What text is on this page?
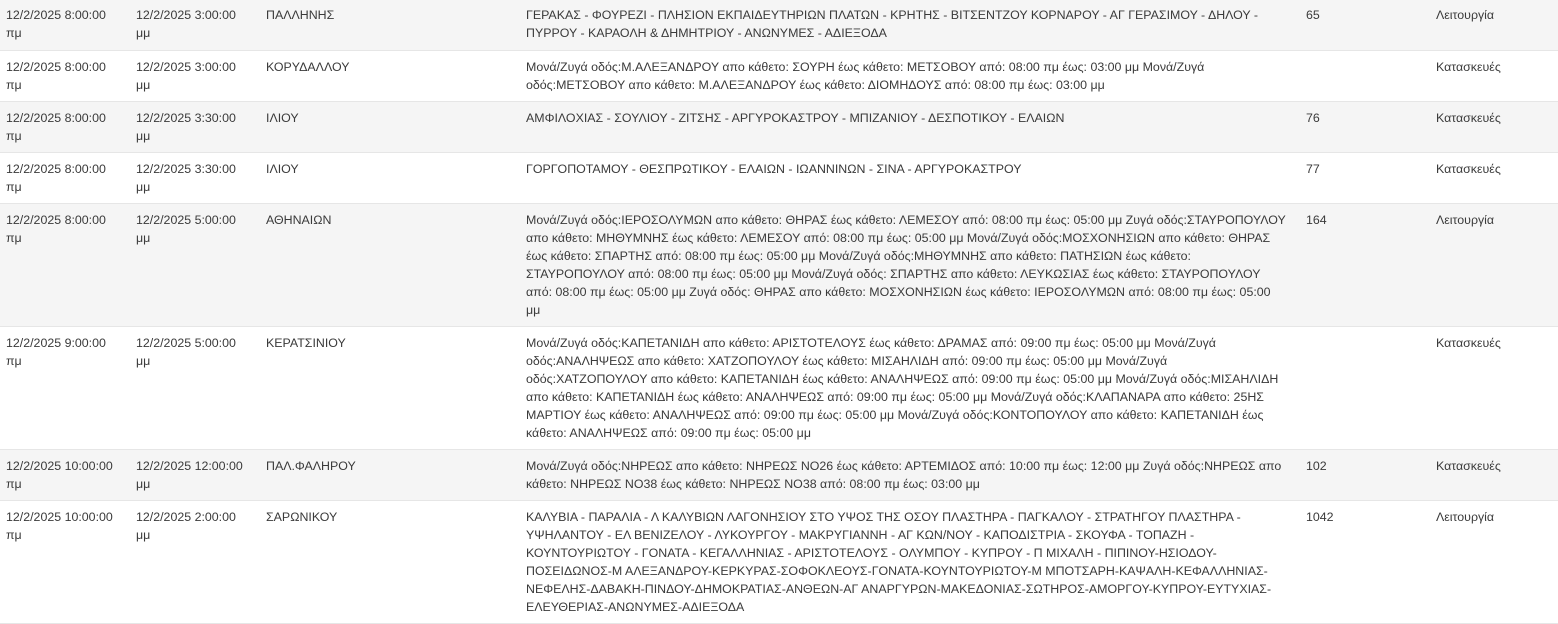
12/2/2025 8:00:00 πμ	12/2/2025 3:00:00 μμ	ΠΑΛΛΗΝΗΣ	ΓΕΡΑΚΑΣ - ΦΟΥΡΕΖΙ - ΠΛΗΣΙΟΝ ΕΚΠΑΙΔΕΥΤΗΡΙΩΝ ΠΛΑΤΩΝ - ΚΡΗΤΗΣ - ΒΙΤΣΕΝΤΖΟΥ ΚΟΡΝΑΡΟΥ - ΑΓ ΓΕΡΑΣΙΜΟΥ - ΔΗΛΟΥ - ΠΥΡΡΟΥ - ΚΑΡΑΟΛΗ & ΔΗΜΗΤΡΙΟΥ - ΑΝΩΝΥΜΕΣ - ΑΔΙΕΞΟΔΑ	65	Λειτουργία
12/2/2025 8:00:00 πμ	12/2/2025 3:00:00 μμ	ΚΟΡΥΔΑΛΛΟΥ	Μονά/Ζυγά οδός:Μ.ΑΛΕΞΑΝΔΡΟΥ απο κάθετο: ΣΟΥΡΗ έως κάθετο: ΜΕΤΣΟΒΟΥ από: 08:00 πμ έως: 03:00 μμ Μονά/Ζυγά οδός:ΜΕΤΣΟΒΟΥ απο κάθετο: Μ.ΑΛΕΞΑΝΔΡΟΥ έως κάθετο: ΔΙΟΜΗΔΟΥΣ από: 08:00 πμ έως: 03:00 μμ		Κατασκευές
12/2/2025 8:00:00 πμ	12/2/2025 3:30:00 μμ	ΙΛΙΟΥ	ΑΜΦΙΛΟΧΙΑΣ - ΣΟΥΛΙΟΥ - ΖΙΤΣΗΣ - ΑΡΓΥΡΟΚΑΣΤΡΟΥ - ΜΠΙΖΑΝΙΟΥ - ΔΕΣΠΟΤΙΚΟΥ - ΕΛΑΙΩΝ	76	Κατασκευές
12/2/2025 8:00:00 πμ	12/2/2025 3:30:00 μμ	ΙΛΙΟΥ	ΓΟΡΓΟΠΟΤΑΜΟΥ - ΘΕΣΠΡΩΤΙΚΟΥ - ΕΛΑΙΩΝ - ΙΩΑΝΝΙΝΩΝ - ΣΙΝΑ - ΑΡΓΥΡΟΚΑΣΤΡΟΥ	77	Κατασκευές
12/2/2025 8:00:00 πμ	12/2/2025 5:00:00 μμ	ΑΘΗΝΑΙΩΝ	Μονά/Ζυγά οδός:ΙΕΡΟΣΟΛΥΜΩΝ απο κάθετο: ΘΗΡΑΣ έως κάθετο: ΛΕΜΕΣΟΥ από: 08:00 πμ έως: 05:00 μμ Ζυγά οδός:ΣΤΑΥΡΟΠΟΥΛΟΥ απο κάθετο: ΜΗΘΥΜΝΗΣ έως κάθετο: ΛΕΜΕΣΟΥ από: 08:00 πμ έως: 05:00 μμ Μονά/Ζυγά οδός:ΜΟΣΧΟΝΗΣΙΩΝ απο κάθετο: ΘΗΡΑΣ έως κάθετο: ΣΠΑΡΤΗΣ από: 08:00 πμ έως: 05:00 μμ Μονά/Ζυγά οδός:ΜΗΘΥΜΝΗΣ απο κάθετο: ΠΑΤΗΣΙΩΝ έως κάθετο: ΣΤΑΥΡΟΠΟΥΛΟΥ από: 08:00 πμ έως: 05:00 μμ Μονά/Ζυγά οδός: ΣΠΑΡΤΗΣ απο κάθετο: ΛΕΥΚΩΣΙΑΣ έως κάθετο: ΣΤΑΥΡΟΠΟΥΛΟΥ από: 08:00 πμ έως: 05:00 μμ Ζυγά οδός: ΘΗΡΑΣ απο κάθετο: ΜΟΣΧΟΝΗΣΙΩΝ έως κάθετο: ΙΕΡΟΣΟΛΥΜΩΝ από: 08:00 πμ έως: 05:00 μμ	164	Λειτουργία
12/2/2025 9:00:00 πμ	12/2/2025 5:00:00 μμ	ΚΕΡΑΤΣΙΝΙΟΥ	Μονά/Ζυγά οδός:ΚΑΠΕΤΑΝΙΔΗ απο κάθετο: ΑΡΙΣΤΟΤΕΛΟΥΣ έως κάθετο: ΔΡΑΜΑΣ από: 09:00 πμ έως: 05:00 μμ Μονά/Ζυγά οδός:ΑΝΑΛΗΨΕΩΣ απο κάθετο: ΧΑΤΖΟΠΟΥΛΟΥ έως κάθετο: ΜΙΣΑΗΛΙΔΗ από: 09:00 πμ έως: 05:00 μμ Μονά/Ζυγά οδός:ΧΑΤΖΟΠΟΥΛΟΥ απο κάθετο: ΚΑΠΕΤΑΝΙΔΗ έως κάθετο: ΑΝΑΛΗΨΕΩΣ από: 09:00 πμ έως: 05:00 μμ Μονά/Ζυγά οδός:ΜΙΣΑΗΛΙΔΗ απο κάθετο: ΚΑΠΕΤΑΝΙΔΗ έως κάθετο: ΑΝΑΛΗΨΕΩΣ από: 09:00 πμ έως: 05:00 μμ Μονά/Ζυγά οδός:ΚΛΑΠΑΝΑΡΑ απο κάθετο: 25ΗΣ ΜΑΡΤΙΟΥ έως κάθετο: ΑΝΑΛΗΨΕΩΣ από: 09:00 πμ έως: 05:00 μμ Μονά/Ζυγά οδός:ΚΟΝΤΟΠΟΥΛΟΥ απο κάθετο: ΚΑΠΕΤΑΝΙΔΗ έως κάθετο: ΑΝΑΛΗΨΕΩΣ από: 09:00 πμ έως: 05:00 μμ		Κατασκευές
12/2/2025 10:00:00 πμ	12/2/2025 12:00:00 μμ	ΠΑΛ.ΦΑΛΗΡΟΥ	Μονά/Ζυγά οδός:ΝΗΡΕΩΣ απο κάθετο: ΝΗΡΕΩΣ ΝΟ26 έως κάθετο: ΑΡΤΕΜΙΔΟΣ από: 10:00 πμ έως: 12:00 μμ Ζυγά οδός:ΝΗΡΕΩΣ απο κάθετο: ΝΗΡΕΩΣ ΝΟ38 έως κάθετο: ΝΗΡΕΩΣ ΝΟ38 από: 08:00 πμ έως: 03:00 μμ	102	Κατασκευές
12/2/2025 10:00:00 πμ	12/2/2025 2:00:00 μμ	ΣΑΡΩΝΙΚΟΥ	ΚΑΛΥΒΙΑ - ΠΑΡΑΛΙΑ - Λ ΚΑΛΥΒΙΩΝ ΛΑΓΟΝΗΣΙΟΥ ΣΤΟ ΥΨΟΣ ΤΗΣ ΟΣΟΥ ΠΛΑΣΤΗΡΑ - ΠΑΓΚΑΛΟΥ - ΣΤΡΑΤΗΓΟΥ ΠΛΑΣΤΗΡΑ - ΥΨΗΛΑΝΤΟΥ - ΕΛ ΒΕΝΙΖΕΛΟΥ - ΛΥΚΟΥΡΓΟΥ - ΜΑΚΡΥΓΙΑΝΝΗ - ΑΓ ΚΩΝ/ΝΟΥ - ΚΑΠΟΔΙΣΤΡΙΑ - ΣΚΟΥΦΑ - ΤΟΠΑΖΗ - ΚΟΥΝΤΟΥΡΙΩΤΟΥ - ΓΟΝΑΤΑ - ΚΕΓΑΛΛΗΝΙΑΣ - ΑΡΙΣΤΟΤΕΛΟΥΣ - ΟΛΥΜΠΟΥ - ΚΥΠΡΟΥ - Π ΜΙΧΑΛΗ - ΠΙΠΙΝΟΥ-ΗΣΙΟΔΟΥ-ΠΟΣΕΙΔΩΝΟΣ-Μ ΑΛΕΞΑΝΔΡΟΥ-ΚΕΡΚΥΡΑΣ-ΣΟΦΟΚΛΕΟΥΣ-ΓΟΝΑΤΑ-ΚΟΥΝΤΟΥΡΙΩΤΟΥ-Μ ΜΠΟΤΣΑΡΗ-ΚΑΨΑΛΗ-ΚΕΦΑΛΛΗΝΙΑΣ-ΝΕΦΕΛΗΣ-ΔΑΒΑΚΗ-ΠΙΝΔΟΥ-ΔΗΜΟΚΡΑΤΙΑΣ-ΑΝΘΕΩΝ-ΑΓ ΑΝΑΡΓΥΡΩΝ-ΜΑΚΕΔΟΝΙΑΣ-ΣΩΤΗΡΟΣ-ΑΜΟΡΓΟΥ-ΚΥΠΡΟΥ-ΕΥΤΥΧΙΑΣ-ΕΛΕΥΘΕΡΙΑΣ-ΑΝΩΝΥΜΕΣ-ΑΔΙΕΞΟΔΑ	1042	Λειτουργία
